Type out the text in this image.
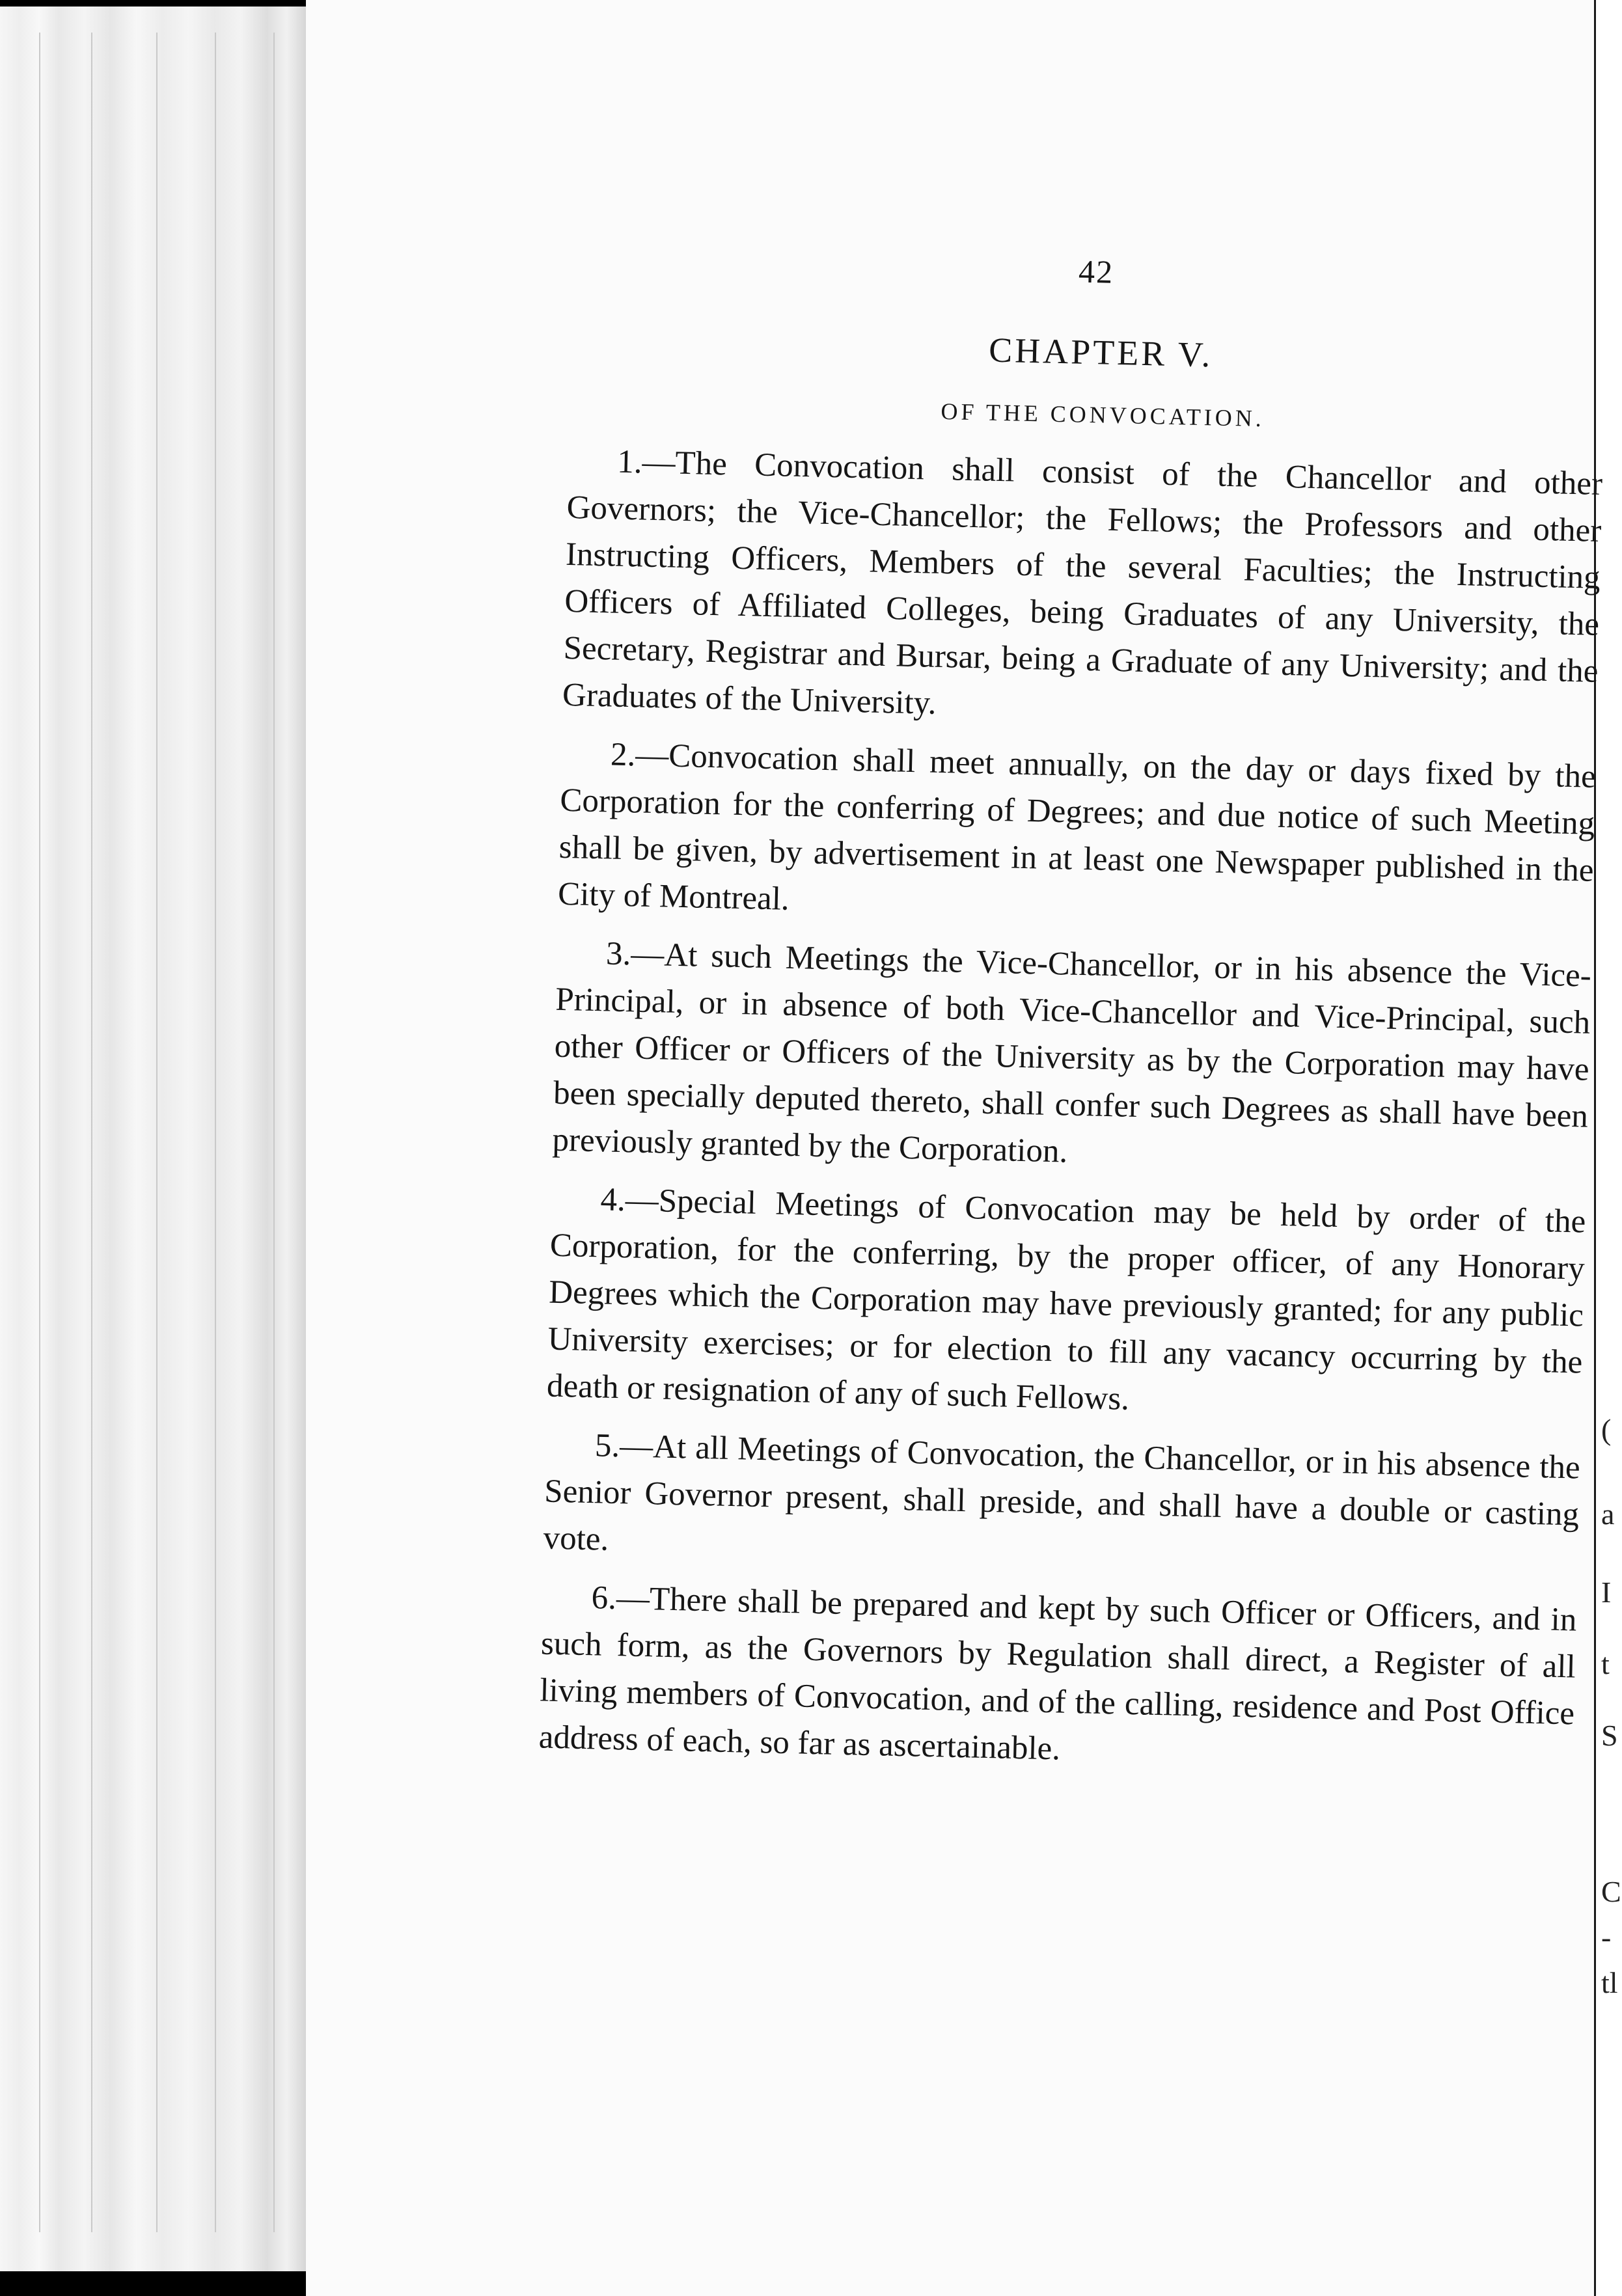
(
a
I
t
S
C
-
tl
42
CHAPTER V.
OF THE CONVOCATION.

1.—The Convocation shall consist of the Chancellor and other Governors; the Vice-Chancellor; the Fellows; the Professors and other Instructing Officers, Members of the several Faculties; the Instructing Officers of Affiliated Colleges, being Graduates of any University, the Secretary, Registrar and Bursar, being a Graduate of any University; and the Graduates of the University.

2.—Convocation shall meet annually, on the day or days fixed by the Corporation for the conferring of Degrees; and due notice of such Meeting shall be given, by advertisement in at least one Newspaper published in the City of Montreal.

3.—At such Meetings the Vice-Chancellor, or in his absence the Vice-Principal, or in absence of both Vice-Chancellor and Vice-Principal, such other Officer or Officers of the University as by the Corporation may have been specially deputed thereto, shall confer such Degrees as shall have been previously granted by the Corporation.

4.—Special Meetings of Convocation may be held by order of the Corporation, for the conferring, by the proper officer, of any Honorary Degrees which the Corporation may have previously granted; for any public University exercises; or for election to fill any vacancy occurring by the death or resignation of any of such Fellows.

5.—At all Meetings of Convocation, the Chancellor, or in his absence the Senior Governor present, shall preside, and shall have a double or casting vote.

6.—There shall be prepared and kept by such Officer or Officers, and in such form, as the Governors by Regulation shall direct, a Register of all living members of Convocation, and of the calling, residence and Post Office address of each, so far as ascertainable.
